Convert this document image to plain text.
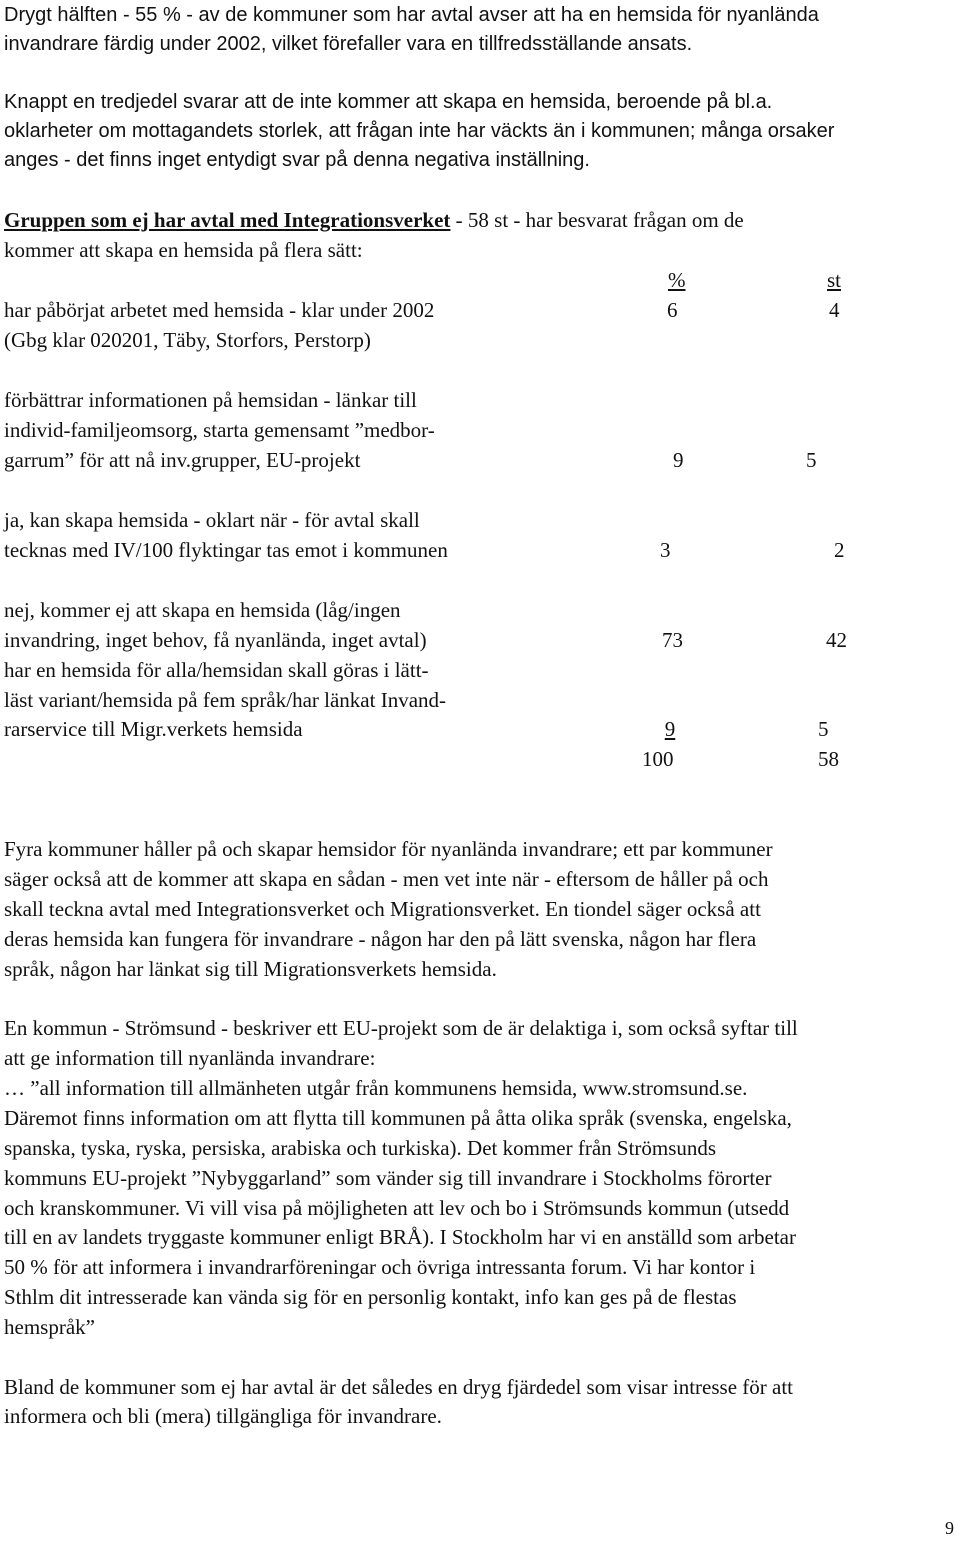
Drygt hälften - 55 % - av de kommuner som har avtal avser att ha en hemsida för nyanlända
invandrare färdig under 2002, vilket förefaller vara en tillfredsställande ansats.
Knappt en tredjedel svarar att de inte kommer att skapa en hemsida, beroende på bl.a.
oklarheter om mottagandets storlek, att frågan inte har väckts än i kommunen; många orsaker
anges - det finns inget entydigt svar på denna negativa inställning.
Gruppen som ej har avtal med Integrationsverket - 58 st - har besvarat frågan om de
kommer att skapa en hemsida på flera sätt:
%	st
har påbörjat arbetet med hemsida - klar under 2002
(Gbg klar 020201, Täby, Storfors, Perstorp)
6	4
förbättrar informationen på hemsidan - länkar till
individ-familjeomsorg, starta gemensamt ”medbor-
garrum” för att nå inv.grupper, EU-projekt	9	5
ja, kan skapa hemsida - oklart när - för avtal skall
tecknas med IV/100 flyktingar tas emot i kommunen	3	2
nej, kommer ej att skapa en hemsida (låg/ingen
invandring, inget behov, få nyanlända, inget avtal)	73	42
har en hemsida för alla/hemsidan skall göras i lätt-
läst variant/hemsida på fem språk/har länkat Invand-
rarservice till Migr.verkets hemsida	9	5
100	58
Fyra kommuner håller på och skapar hemsidor för nyanlända invandrare; ett par kommuner
säger också att de kommer att skapa en sådan - men vet inte när - eftersom de håller på och
skall teckna avtal med Integrationsverket och Migrationsverket. En tiondel säger också att
deras hemsida kan fungera för invandrare - någon har den på lätt svenska, någon har flera
språk, någon har länkat sig till Migrationsverkets hemsida.
En kommun - Strömsund - beskriver ett EU-projekt som de är delaktiga i, som också syftar till
att ge information till nyanlända invandrare:
… ”all information till allmänheten utgår från kommunens hemsida, www.stromsund.se.
Däremot finns information om att flytta till kommunen på åtta olika språk (svenska, engelska,
spanska, tyska, ryska, persiska, arabiska och turkiska). Det kommer från Strömsunds
kommuns EU-projekt ”Nybyggarland” som vänder sig till invandrare i Stockholms förorter
och kranskommuner. Vi vill visa på möjligheten att lev och bo i Strömsunds kommun (utsedd
till en av landets tryggaste kommuner enligt BRÅ). I Stockholm har vi en anställd som arbetar
50 % för att informera i invandrarföreningar och övriga intressanta forum. Vi har kontor i
Sthlm dit intresserade kan vända sig för en personlig kontakt, info kan ges på de flestas
hemspråk”
Bland de kommuner som ej har avtal är det således en dryg fjärdedel som visar intresse för att
informera och bli (mera) tillgängliga för invandrare.
9
